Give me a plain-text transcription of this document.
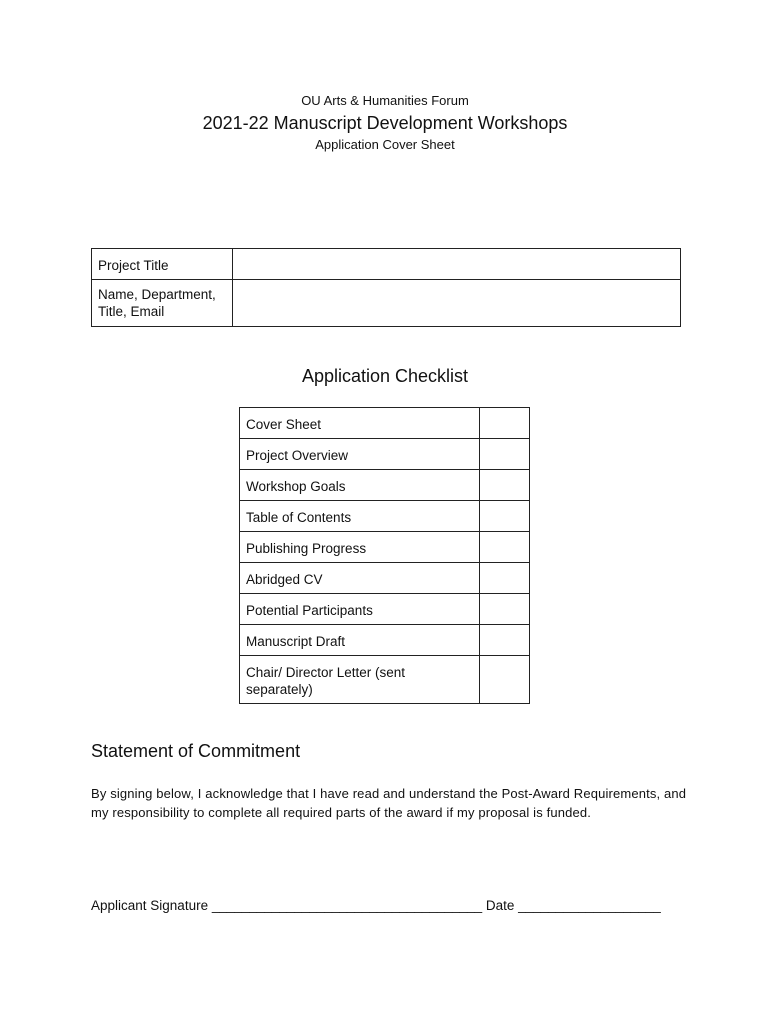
OU Arts & Humanities Forum
2021-22 Manuscript Development Workshops
Application Cover Sheet
Project Title	
Name, Department, Title, Email	
Application Checklist
Cover Sheet	
Project Overview	
Workshop Goals	
Table of Contents	
Publishing Progress	
Abridged CV	
Potential Participants	
Manuscript Draft	
Chair/ Director Letter (sent separately)	
Statement of Commitment
By signing below, I acknowledge that I have read and understand the Post-Award Requirements, and my responsibility to complete all required parts of the award if my proposal is funded.
Applicant Signature ____________________________________ Date ___________________
